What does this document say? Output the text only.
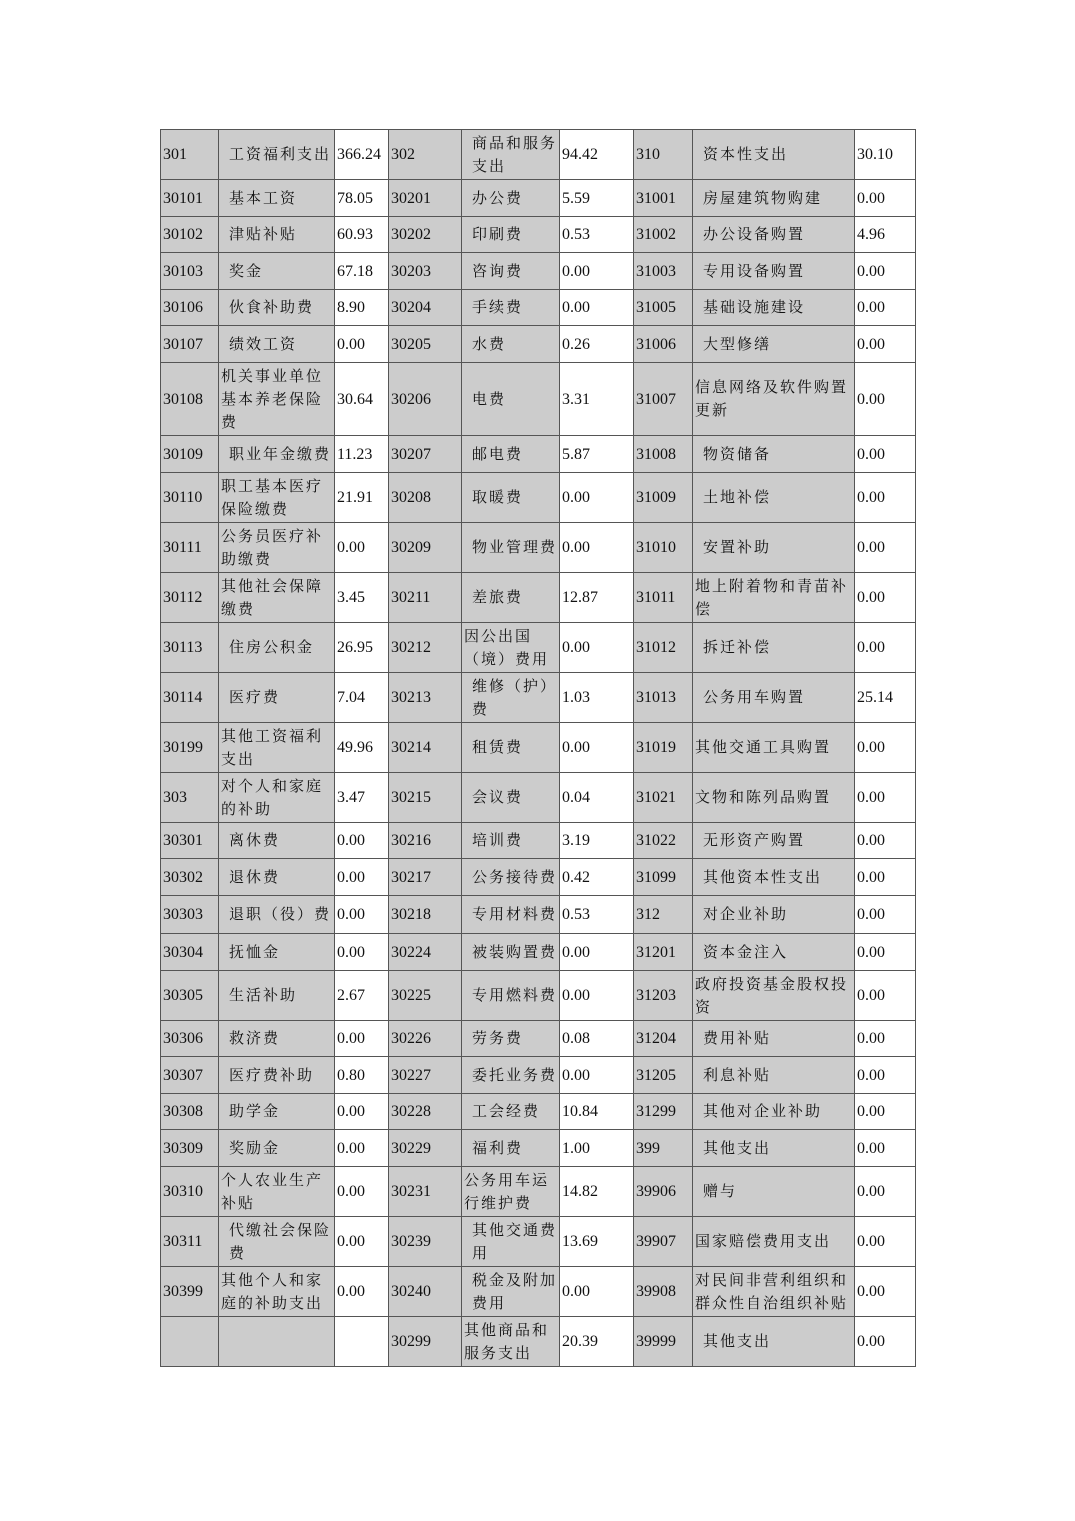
301	工资福利支出	366.24	302	商品和服务支出	94.42	310	资本性支出	30.10
30101	基本工资	78.05	30201	办公费	5.59	31001	房屋建筑物购建	0.00
30102	津贴补贴	60.93	30202	印刷费	0.53	31002	办公设备购置	4.96
30103	奖金	67.18	30203	咨询费	0.00	31003	专用设备购置	0.00
30106	伙食补助费	8.90	30204	手续费	0.00	31005	基础设施建设	0.00
30107	绩效工资	0.00	30205	水费	0.26	31006	大型修缮	0.00
30108	机关事业单位基本养老保险费	30.64	30206	电费	3.31	31007	信息网络及软件购置更新	0.00
30109	职业年金缴费	11.23	30207	邮电费	5.87	31008	物资储备	0.00
30110	职工基本医疗保险缴费	21.91	30208	取暖费	0.00	31009	土地补偿	0.00
30111	公务员医疗补助缴费	0.00	30209	物业管理费	0.00	31010	安置补助	0.00
30112	其他社会保障缴费	3.45	30211	差旅费	12.87	31011	地上附着物和青苗补偿	0.00
30113	住房公积金	26.95	30212	因公出国（境）费用	0.00	31012	拆迁补偿	0.00
30114	医疗费	7.04	30213	维修（护）费	1.03	31013	公务用车购置	25.14
30199	其他工资福利支出	49.96	30214	租赁费	0.00	31019	其他交通工具购置	0.00
303	对个人和家庭的补助	3.47	30215	会议费	0.04	31021	文物和陈列品购置	0.00
30301	离休费	0.00	30216	培训费	3.19	31022	无形资产购置	0.00
30302	退休费	0.00	30217	公务接待费	0.42	31099	其他资本性支出	0.00
30303	退职（役）费	0.00	30218	专用材料费	0.53	312	对企业补助	0.00
30304	抚恤金	0.00	30224	被装购置费	0.00	31201	资本金注入	0.00
30305	生活补助	2.67	30225	专用燃料费	0.00	31203	政府投资基金股权投资	0.00
30306	救济费	0.00	30226	劳务费	0.08	31204	费用补贴	0.00
30307	医疗费补助	0.80	30227	委托业务费	0.00	31205	利息补贴	0.00
30308	助学金	0.00	30228	工会经费	10.84	31299	其他对企业补助	0.00
30309	奖励金	0.00	30229	福利费	1.00	399	其他支出	0.00
30310	个人农业生产补贴	0.00	30231	公务用车运行维护费	14.82	39906	赠与	0.00
30311	代缴社会保险费	0.00	30239	其他交通费用	13.69	39907	国家赔偿费用支出	0.00
30399	其他个人和家庭的补助支出	0.00	30240	税金及附加费用	0.00	39908	对民间非营利组织和群众性自治组织补贴	0.00
			30299	其他商品和服务支出	20.39	39999	其他支出	0.00
